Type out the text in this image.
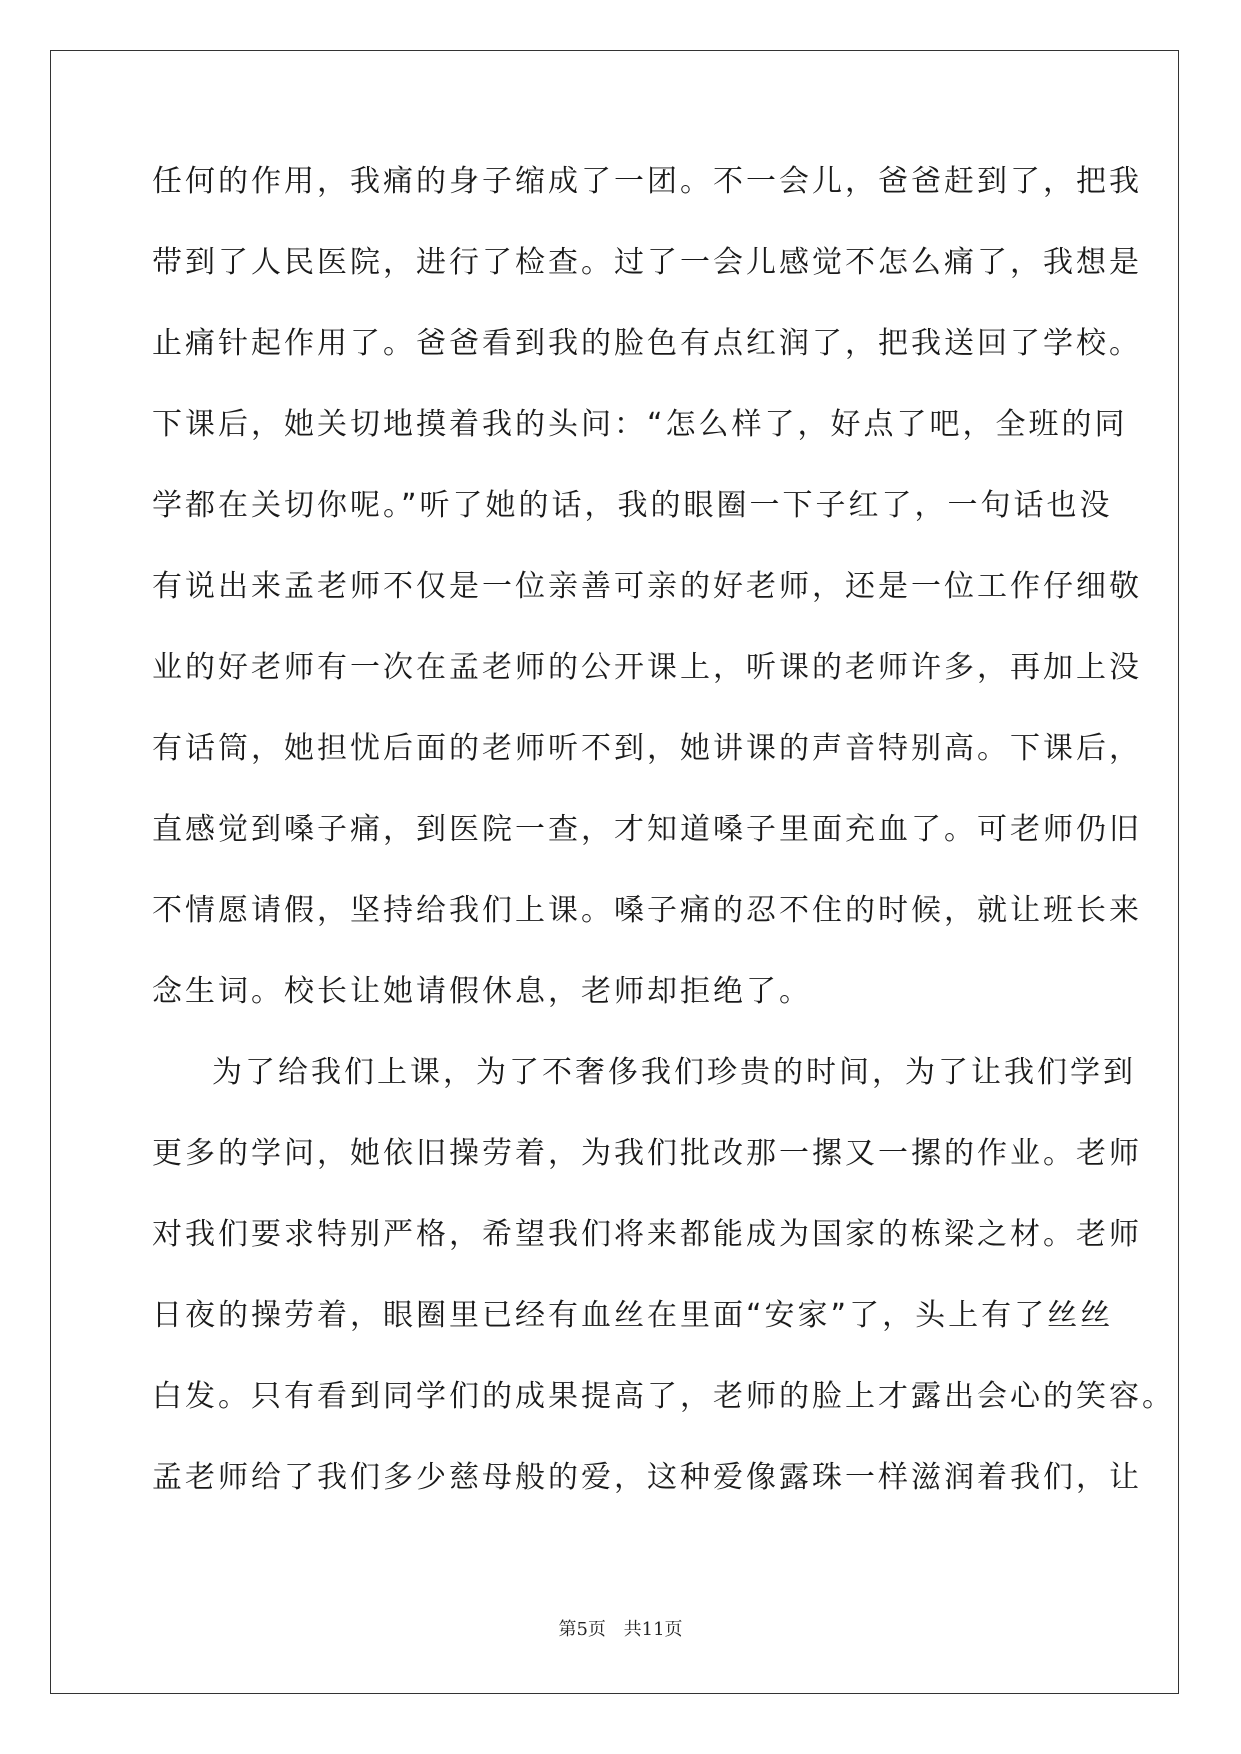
任何的作用，我痛的身子缩成了一团。不一会儿，爸爸赶到了，把我
带到了人民医院，进行了检查。过了一会儿感觉不怎么痛了，我想是
止痛针起作用了。爸爸看到我的脸色有点红润了，把我送回了学校。
下课后，她关切地摸着我的头问：“怎么样了，好点了吧，全班的同
学都在关切你呢。”听了她的话，我的眼圈一下子红了，一句话也没
有说出来孟老师不仅是一位亲善可亲的好老师，还是一位工作仔细敬
业的好老师有一次在孟老师的公开课上，听课的老师许多，再加上没
有话筒，她担忧后面的老师听不到，她讲课的声音特别高。下课后，
直感觉到嗓子痛，到医院一查，才知道嗓子里面充血了。可老师仍旧
不情愿请假，坚持给我们上课。嗓子痛的忍不住的时候，就让班长来
念生词。校长让她请假休息，老师却拒绝了。
为了给我们上课，为了不奢侈我们珍贵的时间，为了让我们学到
更多的学问，她依旧操劳着，为我们批改那一摞又一摞的作业。老师
对我们要求特别严格，希望我们将来都能成为国家的栋梁之材。老师
日夜的操劳着，眼圈里已经有血丝在里面“安家”了，头上有了丝丝
白发。只有看到同学们的成果提高了，老师的脸上才露出会心的笑容。
孟老师给了我们多少慈母般的爱，这种爱像露珠一样滋润着我们，让
第5页 共11页
